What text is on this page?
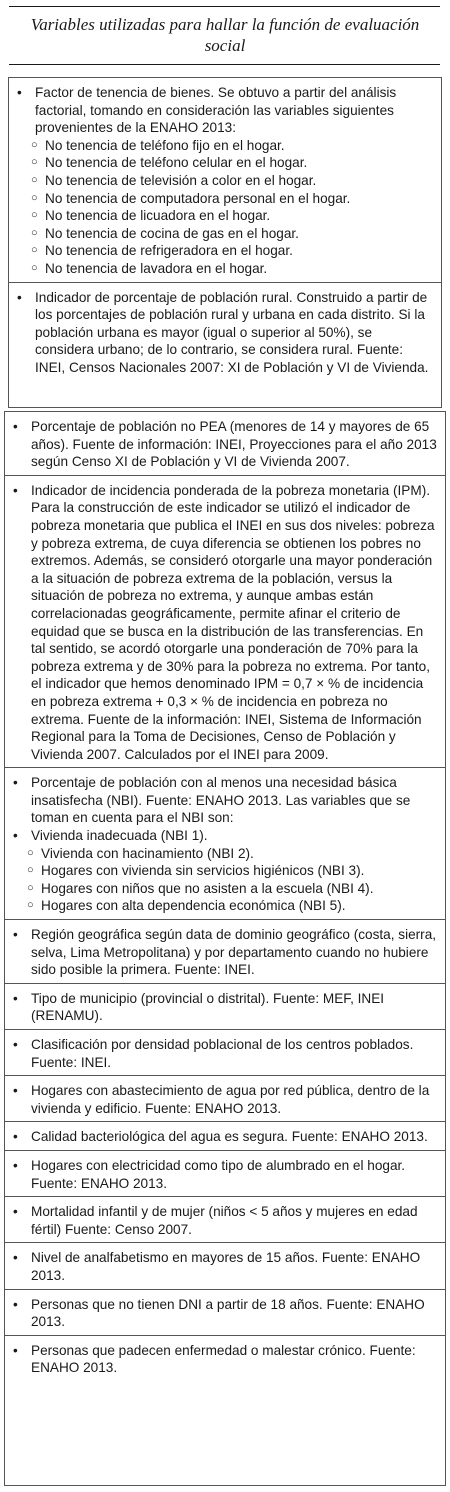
Variables utilizadas para hallar la función de evaluación social
• Factor de tenencia de bienes. Se obtuvo a partir del análisis factorial, tomando en consideración las variables siguientes provenientes de la ENAHO 2013:
○ No tenencia de teléfono fijo en el hogar.
○ No tenencia de teléfono celular en el hogar.
○ No tenencia de televisión a color en el hogar.
○ No tenencia de computadora personal en el hogar.
○ No tenencia de licuadora en el hogar.
○ No tenencia de cocina de gas en el hogar.
○ No tenencia de refrigeradora en el hogar.
○ No tenencia de lavadora en el hogar.
• Indicador de porcentaje de población rural. Construido a partir de los porcentajes de población rural y urbana en cada distrito. Si la población urbana es mayor (igual o superior al 50%), se considera urbano; de lo contrario, se considera rural. Fuente: INEI, Censos Nacionales 2007: XI de Población y VI de Vivienda.
• Porcentaje de población no PEA (menores de 14 y mayores de 65 años). Fuente de información: INEI, Proyecciones para el año 2013 según Censo XI de Población y VI de Vivienda 2007.
• Indicador de incidencia ponderada de la pobreza monetaria (IPM). Para la construcción de este indicador se utilizó el indicador de pobreza monetaria que publica el INEI en sus dos niveles: pobreza y pobreza extrema, de cuya diferencia se obtienen los pobres no extremos. Además, se consideró otorgarle una mayor ponderación a la situación de pobreza extrema de la población, versus la situación de pobreza no extrema, y aunque ambas están correlacionadas geográficamente, permite afinar el criterio de equidad que se busca en la distribución de las transferencias. En tal sentido, se acordó otorgarle una ponderación de 70% para la pobreza extrema y de 30% para la pobreza no extrema. Por tanto, el indicador que hemos denominado IPM = 0,7 × % de incidencia en pobreza extrema + 0,3 × % de incidencia en pobreza no extrema. Fuente de la información: INEI, Sistema de Información Regional para la Toma de Decisiones, Censo de Población y Vivienda 2007. Calculados por el INEI para 2009.
• Porcentaje de población con al menos una necesidad básica insatisfecha (NBI). Fuente: ENAHO 2013. Las variables que se toman en cuenta para el NBI son:
• Vivienda inadecuada (NBI 1).
○ Vivienda con hacinamiento (NBI 2).
○ Hogares con vivienda sin servicios higiénicos (NBI 3).
○ Hogares con niños que no asisten a la escuela (NBI 4).
○ Hogares con alta dependencia económica (NBI 5).
• Región geográfica según data de dominio geográfico (costa, sierra, selva, Lima Metropolitana) y por departamento cuando no hubiere sido posible la primera. Fuente: INEI.
• Tipo de municipio (provincial o distrital). Fuente: MEF, INEI (RENAMU).
• Clasificación por densidad poblacional de los centros poblados. Fuente: INEI.
• Hogares con abastecimiento de agua por red pública, dentro de la vivienda y edificio. Fuente: ENAHO 2013.
• Calidad bacteriológica del agua es segura. Fuente: ENAHO 2013.
• Hogares con electricidad como tipo de alumbrado en el hogar. Fuente: ENAHO 2013.
• Mortalidad infantil y de mujer (niños < 5 años y mujeres en edad fértil) Fuente: Censo 2007.
• Nivel de analfabetismo en mayores de 15 años. Fuente: ENAHO 2013.
• Personas que no tienen DNI a partir de 18 años. Fuente: ENAHO 2013.
• Personas que padecen enfermedad o malestar crónico. Fuente: ENAHO 2013.
